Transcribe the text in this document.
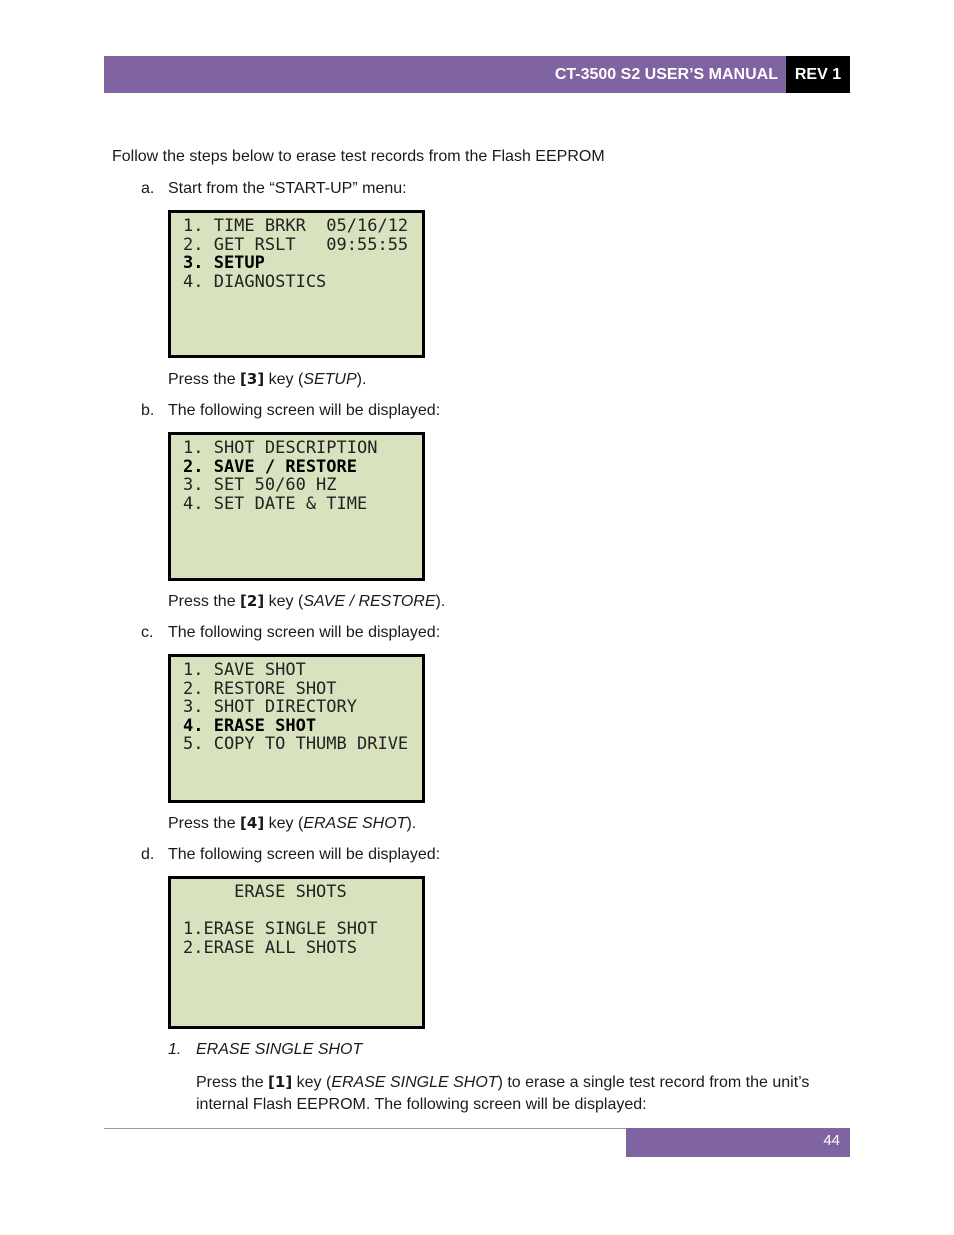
CT-3500 S2 USER’S MANUAL	REV 1
Follow the steps below to erase test records from the Flash EEPROM
a. Start from the “START-UP” menu:
1. TIME BRKR  05/16/12
2. GET RSLT   09:55:55
3. SETUP
4. DIAGNOSTICS
Press the [3] key (SETUP).
b. The following screen will be displayed:
1. SHOT DESCRIPTION
2. SAVE / RESTORE
3. SET 50/60 HZ
4. SET DATE & TIME
Press the [2] key (SAVE / RESTORE).
c. The following screen will be displayed:
1. SAVE SHOT
2. RESTORE SHOT
3. SHOT DIRECTORY
4. ERASE SHOT
5. COPY TO THUMB DRIVE
Press the [4] key (ERASE SHOT).
d. The following screen will be displayed:
ERASE SHOTS
1.ERASE SINGLE SHOT
2.ERASE ALL SHOTS
1. ERASE SINGLE SHOT
Press the [1] key (ERASE SINGLE SHOT) to erase a single test record from the unit’s
internal Flash EEPROM. The following screen will be displayed:
44
